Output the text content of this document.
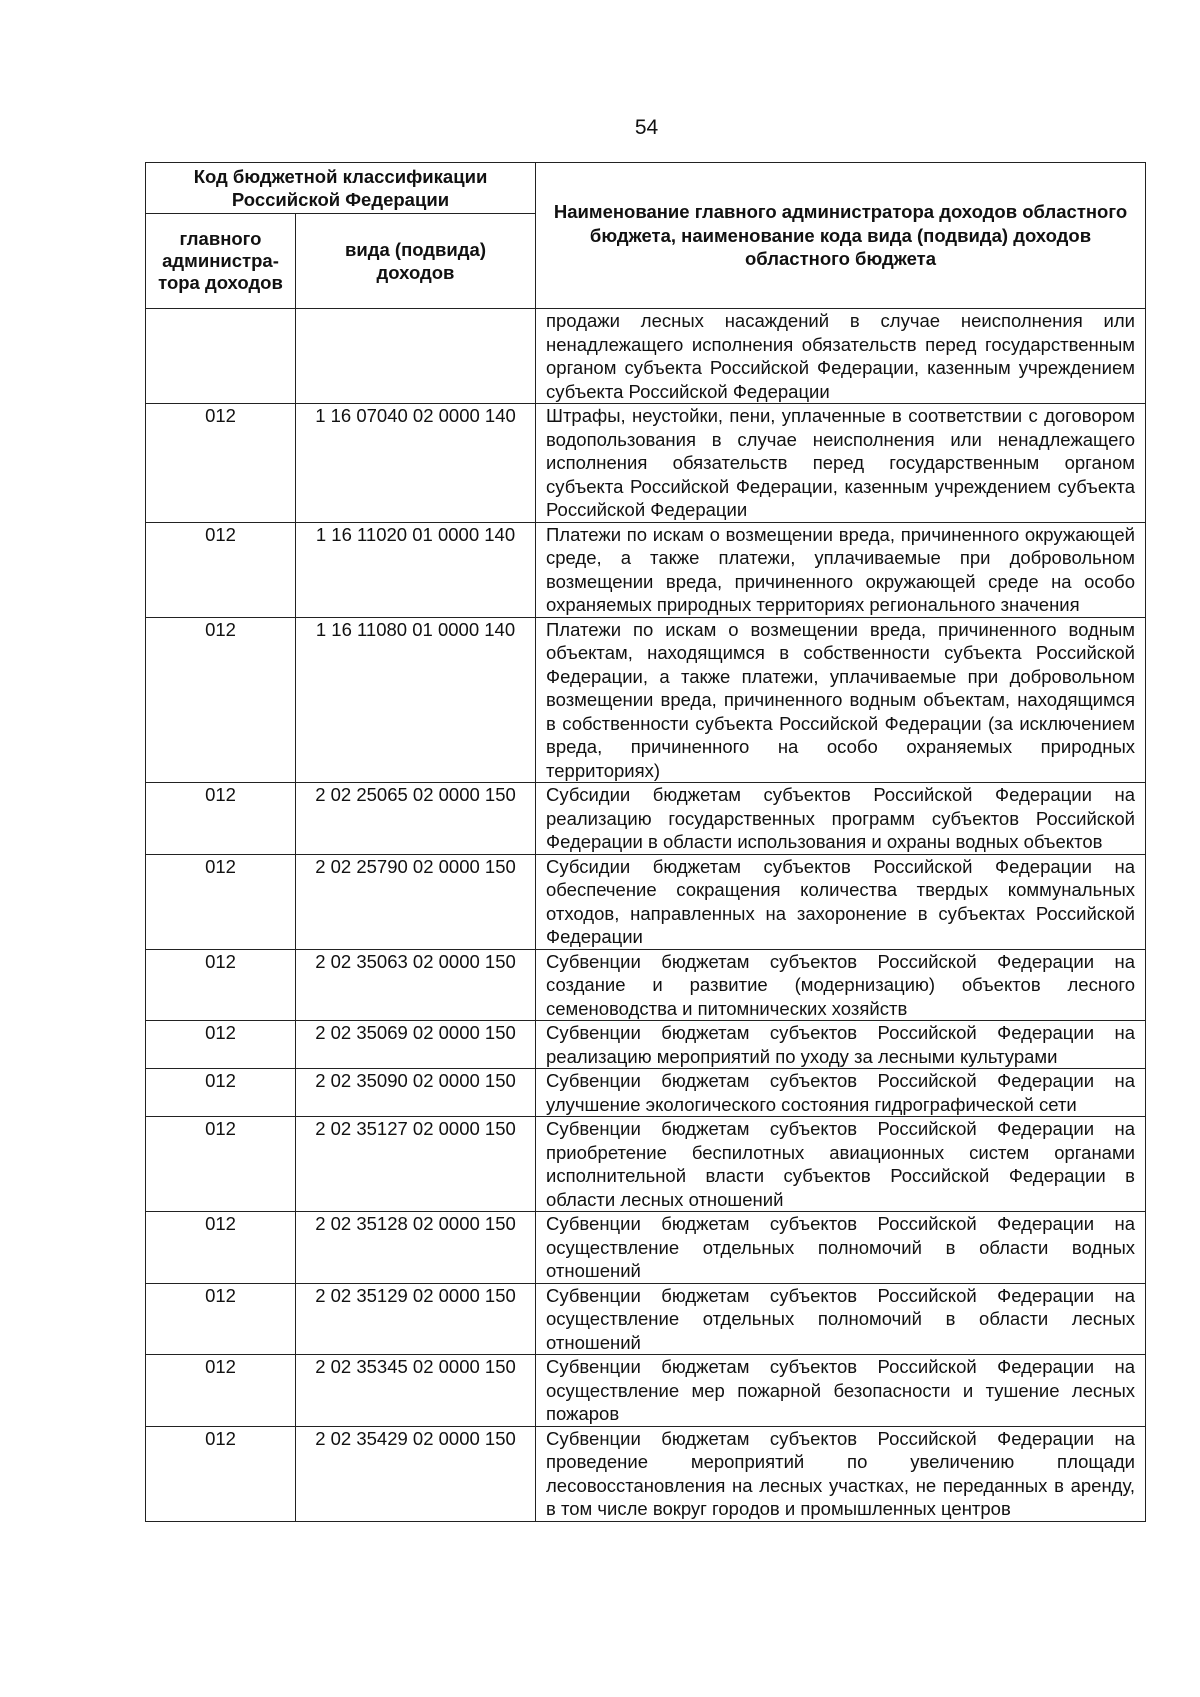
54
Код бюджетной классификации Российской Федерации		Наименование главного администратора доходов областного бюджета, наименование кода вида (подвида) доходов областного бюджета
главного администра-тора доходов	вида (подвида) доходов	
		продажи лесных насаждений в случае неисполнения или ненадлежащего исполнения обязательств перед государственным органом субъекта Российской Федерации, казенным учреждением субъекта Российской Федерации
012	1 16 07040 02 0000 140	Штрафы, неустойки, пени, уплаченные в соответствии с договором водопользования в случае неисполнения или ненадлежащего исполнения обязательств перед государственным органом субъекта Российской Федерации, казенным учреждением субъекта Российской Федерации
012	1 16 11020 01 0000 140	Платежи по искам о возмещении вреда, причиненного окружающей среде, а также платежи, уплачиваемые при добровольном возмещении вреда, причиненного окружающей среде на особо охраняемых природных территориях регионального значения
012	1 16 11080 01 0000 140	Платежи по искам о возмещении вреда, причиненного водным объектам, находящимся в собственности субъекта Российской Федерации, а также платежи, уплачиваемые при добровольном возмещении вреда, причиненного водным объектам, находящимся в собственности субъекта Российской Федерации (за исключением вреда, причиненного на особо охраняемых природных территориях)
012	2 02 25065 02 0000 150	Субсидии бюджетам субъектов Российской Федерации на реализацию государственных программ субъектов Российской Федерации в области использования и охраны водных объектов
012	2 02 25790 02 0000 150	Субсидии бюджетам субъектов Российской Федерации на обеспечение сокращения количества твердых коммунальных отходов, направленных на захоронение в субъектах Российской Федерации
012	2 02 35063 02 0000 150	Субвенции бюджетам субъектов Российской Федерации на создание и развитие (модернизацию) объектов лесного семеноводства и питомнических хозяйств
012	2 02 35069 02 0000 150	Субвенции бюджетам субъектов Российской Федерации на реализацию мероприятий по уходу за лесными культурами
012	2 02 35090 02 0000 150	Субвенции бюджетам субъектов Российской Федерации на улучшение экологического состояния гидрографической сети
012	2 02 35127 02 0000 150	Субвенции бюджетам субъектов Российской Федерации на приобретение беспилотных авиационных систем органами исполнительной власти субъектов Российской Федерации в области лесных отношений
012	2 02 35128 02 0000 150	Субвенции бюджетам субъектов Российской Федерации на осуществление отдельных полномочий в области водных отношений
012	2 02 35129 02 0000 150	Субвенции бюджетам субъектов Российской Федерации на осуществление отдельных полномочий в области лесных отношений
012	2 02 35345 02 0000 150	Субвенции бюджетам субъектов Российской Федерации на осуществление мер пожарной безопасности и тушение лесных пожаров
012	2 02 35429 02 0000 150	Субвенции бюджетам субъектов Российской Федерации на проведение мероприятий по увеличению площади лесовосстановления на лесных участках, не переданных в аренду, в том числе вокруг городов и промышленных центров
